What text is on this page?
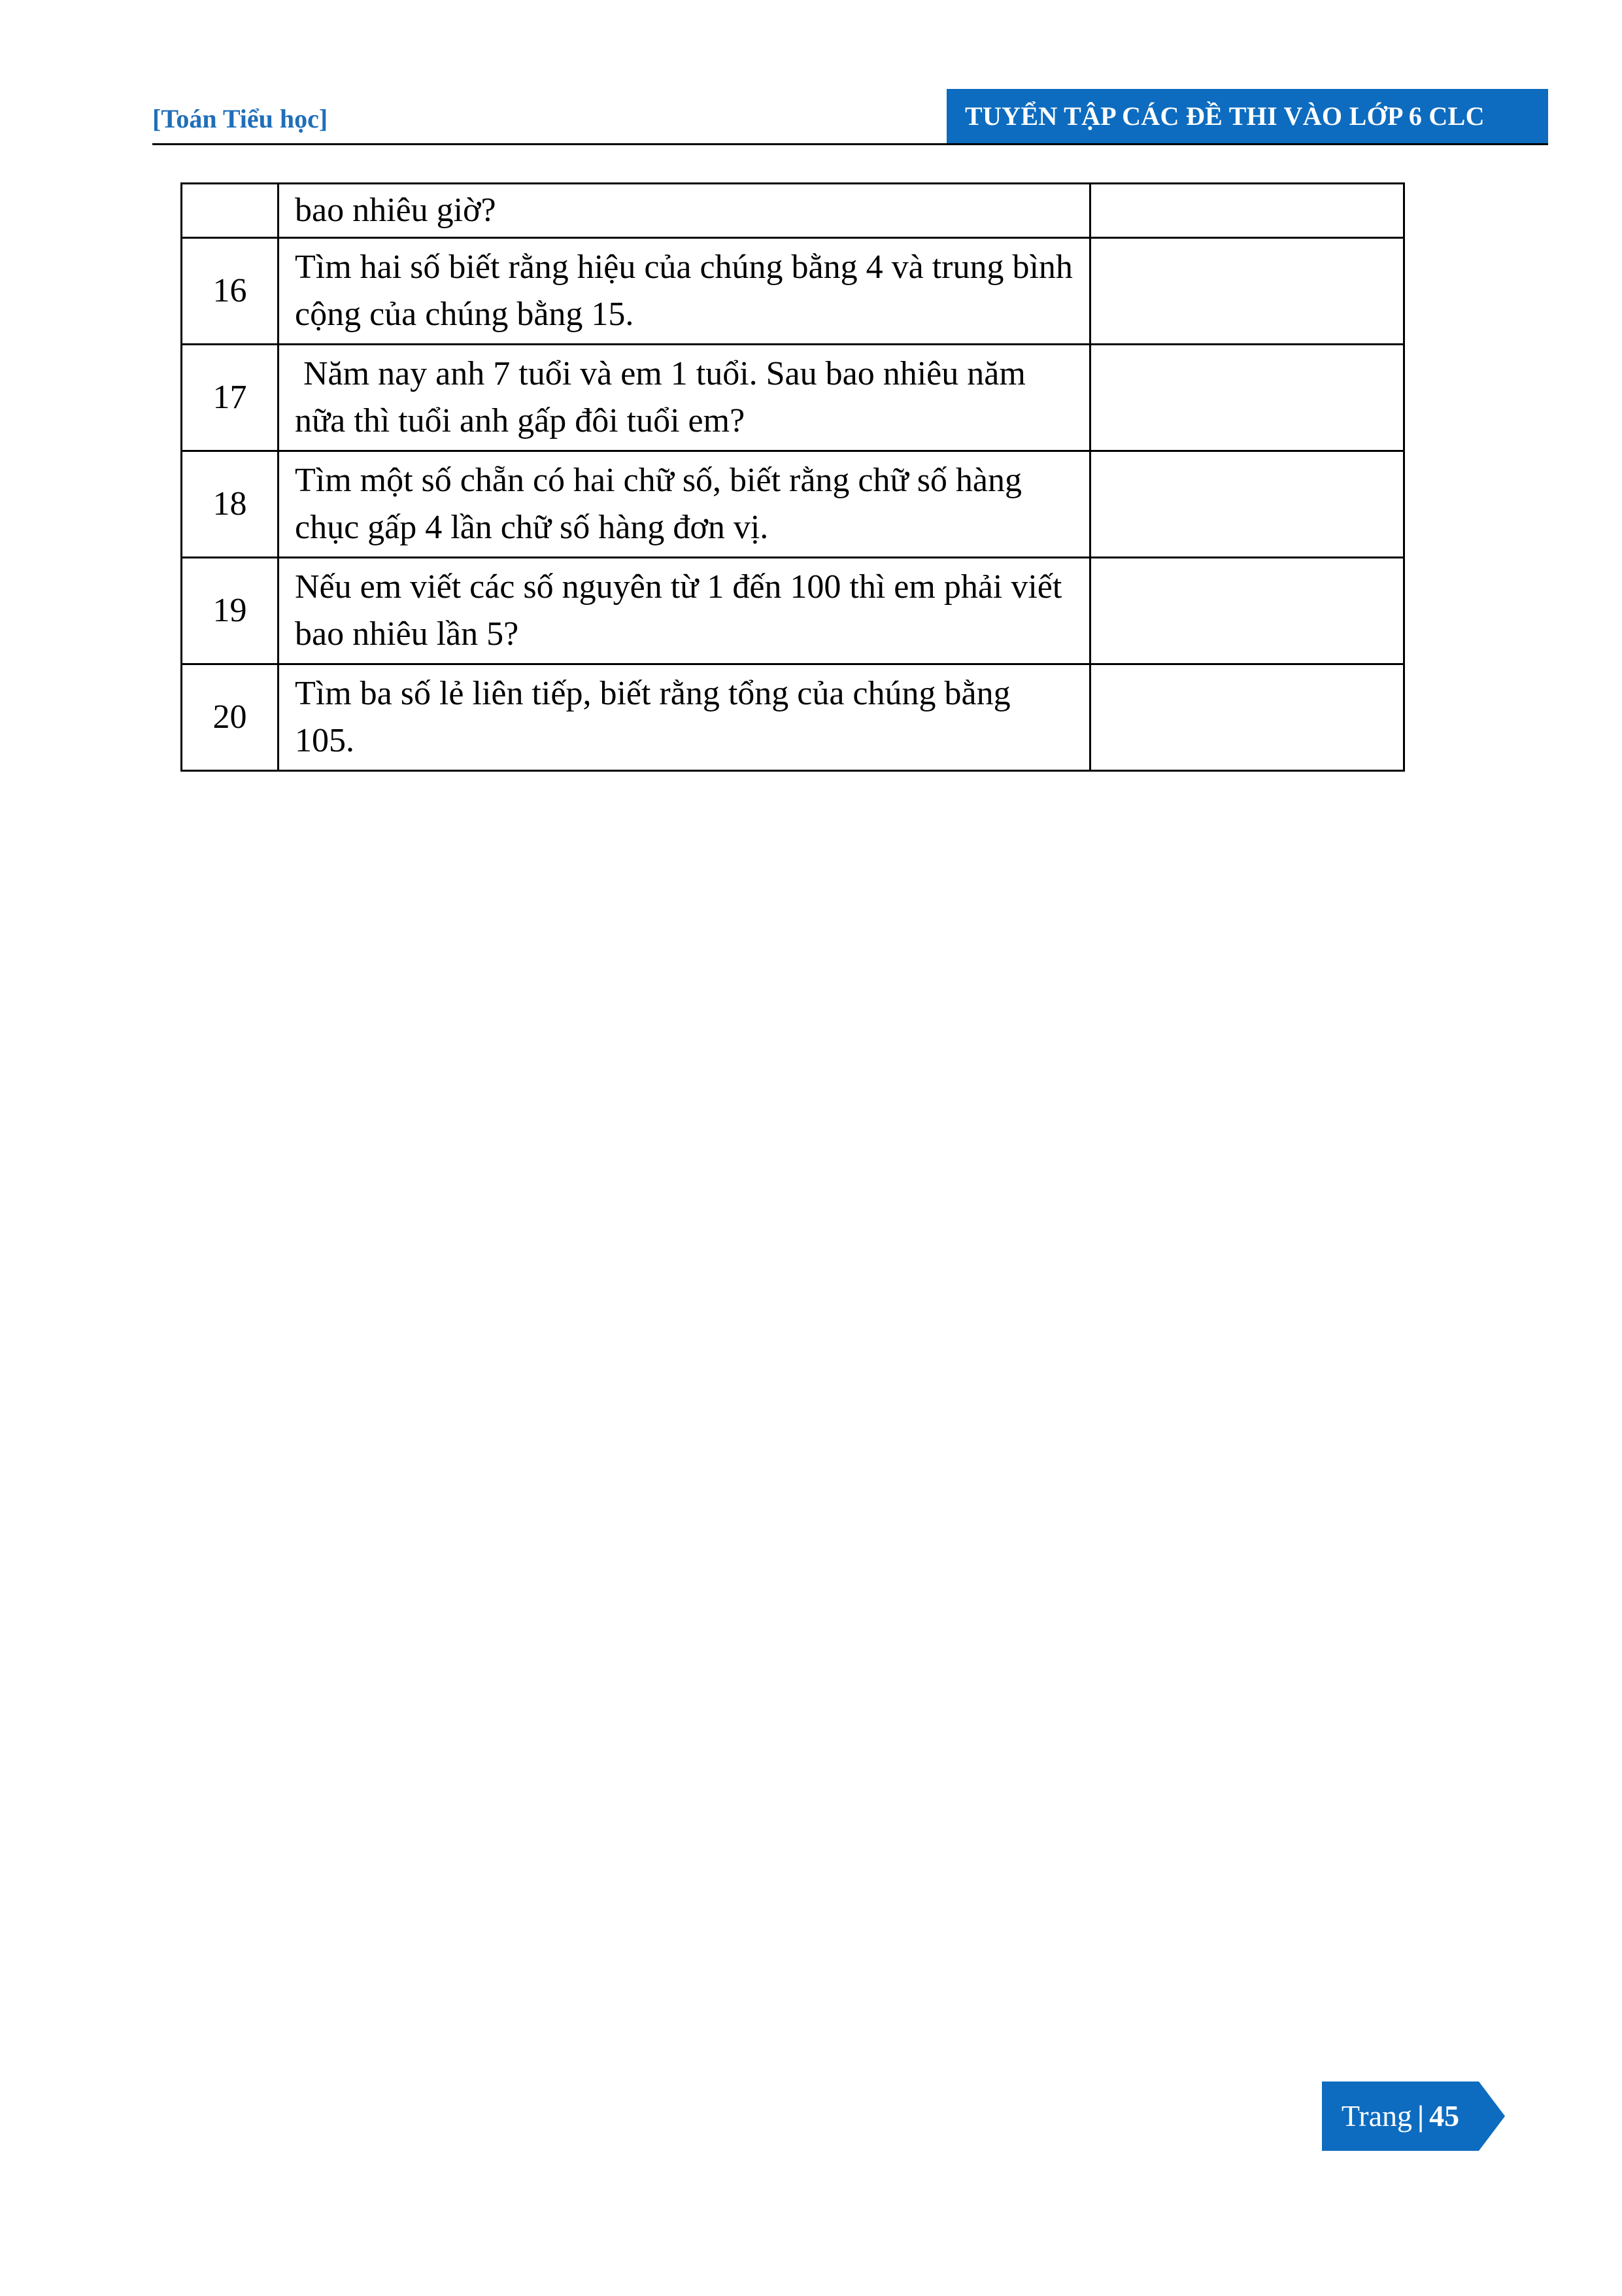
[Toán Tiểu học]	TUYỂN TẬP CÁC ĐỀ THI VÀO LỚP 6 CLC
	bao nhiêu giờ?	
16	Tìm hai số biết rằng hiệu của chúng bằng 4 và trung bình cộng của chúng bằng 15.	
17	Năm nay anh 7 tuổi và em 1 tuổi. Sau bao nhiêu năm nữa thì tuổi anh gấp đôi tuổi em?	
18	Tìm một số chẵn có hai chữ số, biết rằng chữ số hàng chục gấp 4 lần chữ số hàng đơn vị.	
19	Nếu em viết các số nguyên từ 1 đến 100 thì em phải viết bao nhiêu lần 5?	
20	Tìm ba số lẻ liên tiếp, biết rằng tổng của chúng bằng 105.	
Trang | 45
